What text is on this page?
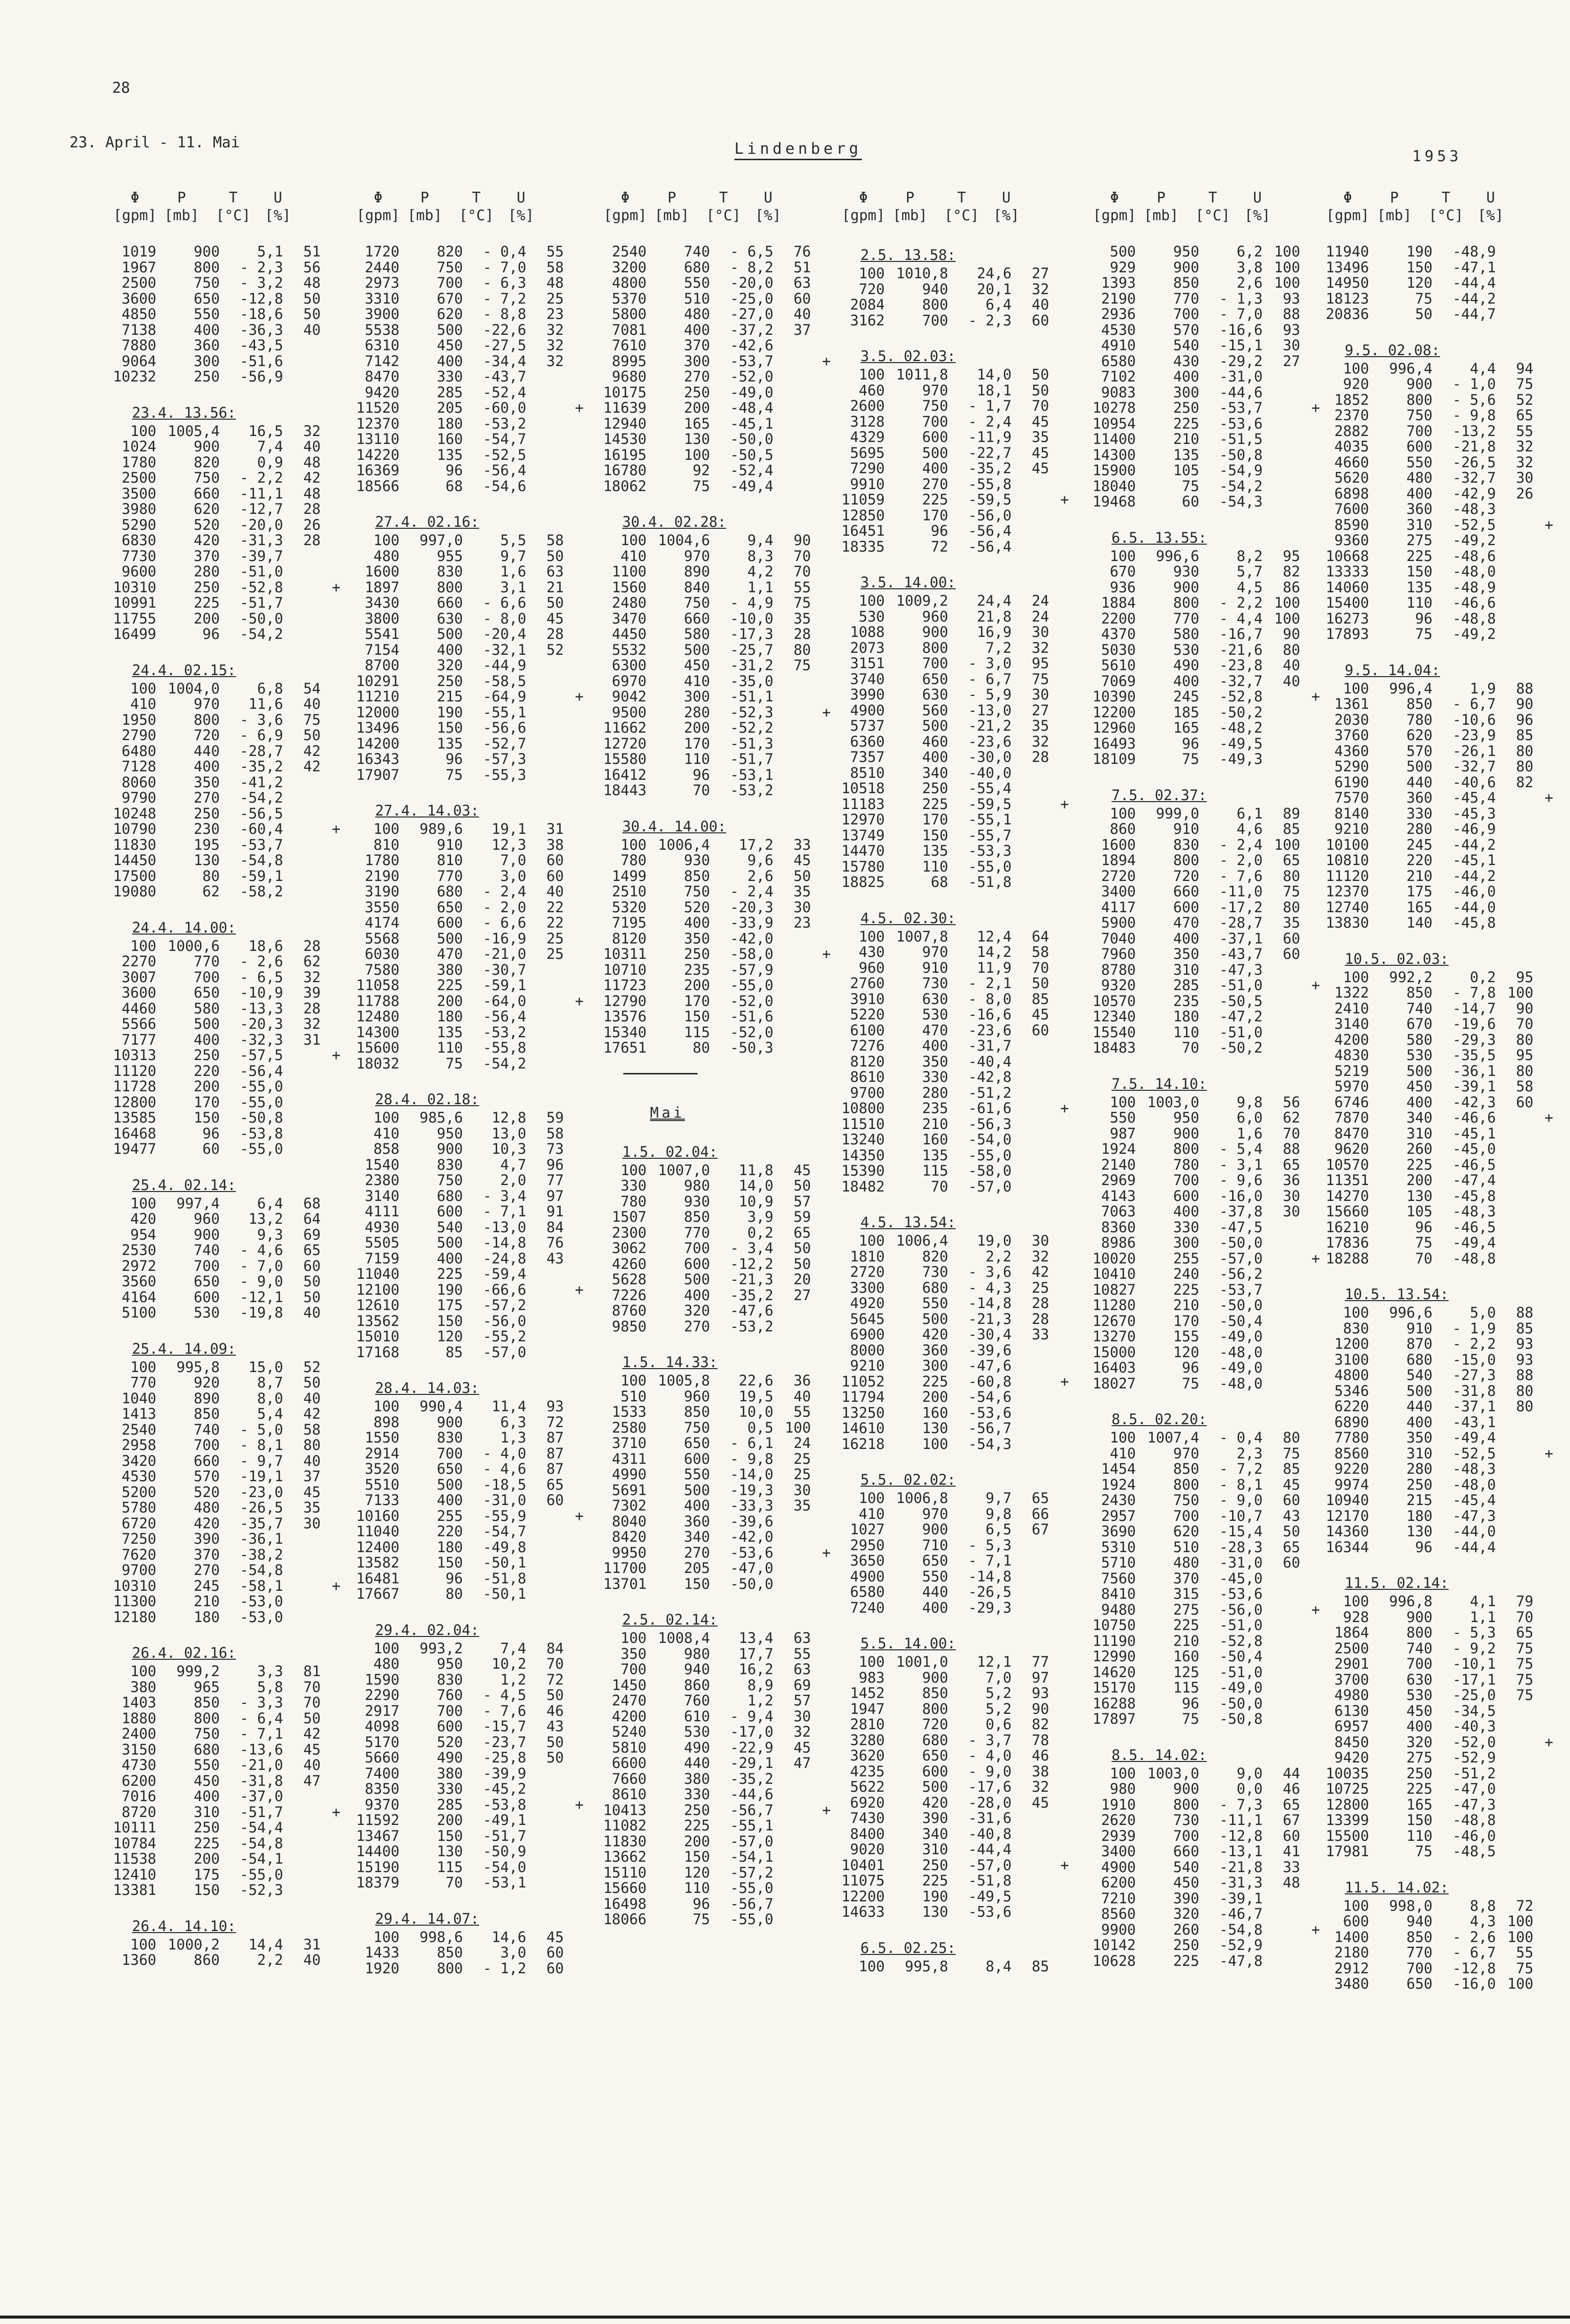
28
23. April - 11. Mai	Lindenberg	1953
Φ	P	T	U
[gpm] [mb] [°C] [%]
1019	900	5,1 51
1967	800 - 2,3 56
2500	750 - 3,2 48
3600	650 -12,8 50
4850	550 -18,6 50
7138	400 -36,3 40
7880	360 -43,5
9064	300 -51,6
10232	250 -56,9
23.4. 13.56:
100 1005,4 16,5 32
1024	900	7,4 40
1780	820	0,9 48
2500	750 - 2,2 42
3500	660 -11,1 48
3980	620 -12,7 28
5290	520 -20,0 26
6830	420 -31,3 28
7730	370 -39,7
9600	280 -51,0
10310	250 -52,8	+
10991	225 -51,7
11755	200 -50,0
16499	96 -54,2
24.4. 02.15:
100 1004,0	6,8 54
410	970 11,6 40
1950	800 - 3,6 75
2790	720 - 6,9 50
6480	440 -28,7 42
7128	400 -35,2 42
8060	350 -41,2
9790	270 -54,2
10248	250 -56,5
10790	230 -60,4	+
11830	195 -53,7
14450	130 -54,8
17500	80 -59,1
19080	62 -58,2
24.4. 14.00:
100 1000,6 18,6 28
2270	770 - 2,6 62
3007	700 - 6,5 32
3600	650 -10,9 39
4460	580 -13,3 28
5566	500 -20,3 32
7177	400 -32,3 31
10313	250 -57,5	+
11120	220 -56,4
11728	200 -55,0
12800	170 -55,0
13585	150 -50,8
16468	96 -53,8
19477	60 -55,0
25.4. 02.14:
100 997,4	6,4 68
420	960 13,2 64
954	900	9,3 69
2530	740 - 4,6 65
2972	700 - 7,0 60
3560	650 - 9,0 50
4164	600 -12,1 50
5100	530 -19,8 40
25.4. 14.09:
100 995,8 15,0 52
770	920	8,7 50
1040	890	8,0 40
1413	850	5,4 42
2540	740 - 5,0 58
2958	700 - 8,1 80
3420	660 - 9,7 40
4530	570 -19,1 37
5200	520 -23,0 45
5780	480 -26,5 35
6720	420 -35,7 30
7250	390 -36,1
7620	370 -38,2
9700	270 -54,8
10310	245 -58,1	+
11300	210 -53,0
12180	180 -53,0
26.4. 02.16:
100 999,2	3,3 81
380	965	5,8 70
1403	850 - 3,3 70
1880	800 - 6,4 50
2400	750 - 7,1 42
3150	680 -13,6 45
4730	550 -21,0 40
6200	450 -31,8 47
7016	400 -37,0
8720	310 -51,7	+
10111	250 -54,4
10784	225 -54,8
11538	200 -54,1
12410	175 -55,0
13381	150 -52,3
26.4. 14.10:
100 1000,2 14,4 31
1360	860	2,2 40
Φ	P	T	U
[gpm] [mb] [°C] [%]
1720	820 - 0,4 55
2440	750 - 7,0 58
2973	700 - 6,3 48
3310	670 - 7,2 25
3900	620 - 8,8 23
5538	500 -22,6 32
6310	450 -27,5 32
7142	400 -34,4 32
8470	330 -43,7
9420	285 -52,4
11520	205 -60,0	+
12370	180 -53,2
13110	160 -54,7
14220	135 -52,5
16369	96 -56,4
18566	68 -54,6
27.4. 02.16:
100 997,0	5,5 58
480	955	9,7 50
1600	830	1,6 63
1897	800	3,1 21
3430	660 - 6,6 50
3800	630 - 8,0 45
5541	500 -20,4 28
7154	400 -32,1 52
8700	320 -44,9
10291	250 -58,5
11210	215 -64,9	+
12000	190 -55,1
13496	150 -56,6
14200	135 -52,7
16343	96 -57,3
17907	75 -55,3
27.4. 14.03:
100 989,6 19,1 31
810	910 12,3 38
1780	810	7,0 60
2190	770	3,0 60
3190	680 - 2,4 40
3550	650 - 2,0 22
4174	600 - 6,6 22
5568	500 -16,9 25
6030	470 -21,0 25
7580	380 -30,7
11058	225 -59,1
11788	200 -64,0	+
12480	180 -56,4
14300	135 -53,2
15600	110 -55,8
18032	75 -54,2
28.4. 02.18:
100 985,6 12,8 59
410	950 13,0 58
858	900 10,3 73
1540	830	4,7 96
2380	750	2,0 77
3140	680 - 3,4 97
4111	600 - 7,1 91
4930	540 -13,0 84
5505	500 -14,8 76
7159	400 -24,8 43
11040	225 -59,4
12100	190 -66,6	+
12610	175 -57,2
13562	150 -56,0
15010	120 -55,2
17168	85 -57,0
28.4. 14.03:
100 990,4 11,4 93
898	900	6,3 72
1550	830	1,3 87
2914	700 - 4,0 87
3520	650 - 4,6 87
5510	500 -18,5 65
7133	400 -31,0 60
10160	255 -55,9	+
11040	220 -54,7
12400	180 -49,8
13582	150 -50,1
16481	96 -51,8
17667	80 -50,1
29.4. 02.04:
100 993,2	7,4 84
480	950 10,2 70
1590	830	1,2 72
2290	760 - 4,5 50
2917	700 - 7,6 46
4098	600 -15,7 43
5170	520 -23,7 50
5660	490 -25,8 50
7400	380 -39,9
8350	330 -45,2
9370	285 -53,8	+
11592	200 -49,1
13467	150 -51,7
14400	130 -50,9
15190	115 -54,0
18379	70 -53,1
29.4. 14.07:
100 998,6 14,6 45
1433	850	3,0 60
1920	800 - 1,2 60
Φ	P	T	U
[gpm] [mb] [°C] [%]
2540	740 - 6,5 76
3200	680 - 8,2 51
4800	550 -20,0 63
5370	510 -25,0 60
5800	480 -27,0 40
7081	400 -37,2 37
7610	370 -42,6
8995	300 -53,7	+
9680	270 -52,0
10175	250 -49,0
11639	200 -48,4
12940	165 -45,1
14530	130 -50,0
16195	100 -50,5
16780	92 -52,4
18062	75 -49,4
30.4. 02.28:
100 1004,6	9,4 90
410	970	8,3 70
1100	890	4,2 70
1560	840	1,1 55
2480	750 - 4,9 75
3470	660 -10,0 35
4450	580 -17,3 28
5532	500 -25,7 80
6300	450 -31,2 75
6970	410 -35,0
9042	300 -51,1
9500	280 -52,3	+
11662	200 -52,2
12720	170 -51,3
15580	110 -51,7
16412	96 -53,1
18443	70 -53,2
30.4. 14.00:
100 1006,4 17,2 33
780	930	9,6 45
1499	850	2,6 50
2510	750 - 2,4 35
5320	520 -20,3 30
7195	400 -33,9 23
8120	350 -42,0
10311	250 -58,0	+
10710	235 -57,9
11723	200 -55,0
12790	170 -52,0
13576	150 -51,6
15340	115 -52,0
17651	80 -50,3
Mai
1.5. 02.04:
100 1007,0 11,8 45
330	980 14,0 50
780	930 10,9 57
1507	850	3,9 59
2300	770	0,2 65
3062	700 - 3,4 50
4260	600 -12,2 50
5628	500 -21,3 20
7226	400 -35,2 27
8760	320 -47,6
9850	270 -53,2
1.5. 14.33:
100 1005,8 22,6 36
510	960 19,5 40
1533	850 10,0 55
2580	750	0,5 100
3710	650 - 6,1 24
4311	600 - 9,8 25
4990	550 -14,0 25
5691	500 -19,3 30
7302	400 -33,3 35
8040	360 -39,6
8420	340 -42,0
9950	270 -53,6	+
11700	205 -47,0
13701	150 -50,0
2.5. 02.14:
100 1008,4 13,4 63
350	980 17,7 55
700	940 16,2 63
1450	860	8,9 69
2470	760	1,2 57
4200	610 - 9,4 30
5240	530 -17,0 32
5810	490 -22,9 45
6600	440 -29,1 47
7660	380 -35,2
8610	330 -44,6
10413	250 -56,7	+
11082	225 -55,1
11830	200 -57,0
13662	150 -54,1
15110	120 -57,2
15660	110 -55,0
16498	96 -56,7
18066	75 -55,0
Φ	P	T	U
[gpm] [mb] [°C] [%]
2.5. 13.58:
100 1010,8 24,6 27
720	940 20,1 32
2084	800	6,4 40
3162	700 - 2,3 60
3.5. 02.03:
100 1011,8 14,0 50
460	970 18,1 50
2600	750 - 1,7 70
3128	700 - 2,4 45
4329	600 -11,9 35
5695	500 -22,7 45
7290	400 -35,2 45
9910	270 -55,8
11059	225 -59,5	+
12850	170 -56,0
16451	96 -56,4
18335	72 -56,4
3.5. 14.00:
100 1009,2 24,4 24
530	960 21,8 24
1088	900 16,9 30
2073	800	7,2 32
3151	700 - 3,0 95
3740	650 - 6,7 75
3990	630 - 5,9 30
4900	560 -13,0 27
5737	500 -21,2 35
6360	460 -23,6 32
7357	400 -30,0 28
8510	340 -40,0
10518	250 -55,4
11183	225 -59,5	+
12970	170 -55,1
13749	150 -55,7
14470	135 -53,3
15780	110 -55,0
18825	68 -51,8
4.5. 02.30:
100 1007,8 12,4 64
430	970 14,2 58
960	910 11,9 70
2760	730 - 2,1 50
3910	630 - 8,0 85
5220	530 -16,6 45
6100	470 -23,6 60
7276	400 -31,7
8120	350 -40,4
8610	330 -42,8
9700	280 -51,2
10800	235 -61,6	+
11510	210 -56,3
13240	160 -54,0
14350	135 -55,0
15390	115 -58,0
18482	70 -57,0
4.5. 13.54:
100 1006,4 19,0 30
1810	820	2,2 32
2720	730 - 3,6 42
3300	680 - 4,3 25
4920	550 -14,8 28
5645	500 -21,3 28
6900	420 -30,4 33
8000	360 -39,6
9210	300 -47,6
11052	225 -60,8	+
11794	200 -54,6
13250	160 -53,6
14610	130 -56,7
16218	100 -54,3
5.5. 02.02:
100 1006,8	9,7 65
410	970	9,8 66
1027	900	6,5 67
2950	710 - 5,3
3650	650 - 7,1
4900	550 -14,8
6580	440 -26,5
7240	400 -29,3
5.5. 14.00:
100 1001,0 12,1 77
983	900	7,0 97
1452	850	5,2 93
1947	800	5,2 90
2810	720	0,6 82
3280	680 - 3,7 78
3620	650 - 4,0 46
4235	600 - 9,0 38
5622	500 -17,6 32
6920	420 -28,0 45
7430	390 -31,6
8400	340 -40,8
9020	310 -44,4
10401	250 -57,0	+
11075	225 -51,8
12200	190 -49,5
14633	130 -53,6
6.5. 02.25:
100 995,8	8,4 85
Φ	P	T	U
[gpm] [mb] [°C] [%]
500	950	6,2 100
929	900	3,8 100
1393	850	2,6 100
2190	770 - 1,3 93
2936	700 - 7,0 88
4530	570 -16,6 93
4910	540 -15,1 30
6580	430 -29,2 27
7102	400 -31,0
9083	300 -44,6
10278	250 -53,7	+
10954	225 -53,6
11400	210 -51,5
14300	135 -50,8
15900	105 -54,9
18040	75 -54,2
19468	60 -54,3
6.5. 13.55:
100 996,6	8,2 95
670	930	5,7 82
936	900	4,5 86
1884	800 - 2,2 100
2200	770 - 4,4 100
4370	580 -16,7 90
5030	530 -21,6 80
5610	490 -23,8 40
7069	400 -32,7 40
10390	245 -52,8	+
12200	185 -50,2
12960	165 -48,2
16493	96 -49,5
18109	75 -49,3
7.5. 02.37:
100 999,0	6,1 89
860	910	4,6 85
1600	830 - 2,4 100
1894	800 - 2,0 65
2720	720 - 7,6 80
3400	660 -11,0 75
4117	600 -17,2 80
5900	470 -28,7 35
7040	400 -37,1 60
7960	350 -43,7 60
8780	310 -47,3
9320	285 -51,0	+
10570	235 -50,5
12340	180 -47,2
15540	110 -51,0
18483	70 -50,2
7.5. 14.10:
100 1003,0	9,8 56
550	950	6,0 62
987	900	1,6 70
1924	800 - 5,4 88
2140	780 - 3,1 65
2969	700 - 9,6 36
4143	600 -16,0 30
7063	400 -37,8 30
8360	330 -47,5
8986	300 -50,0
10020	255 -57,0	+
10410	240 -56,2
10827	225 -53,7
11280	210 -50,0
12670	170 -50,4
13270	155 -49,0
15000	120 -48,0
16403	96 -49,0
18027	75 -48,0
8.5. 02.20:
100 1007,4 - 0,4 80
410	970	2,3 75
1454	850 - 7,2 85
1924	800 - 8,1 45
2430	750 - 9,0 60
2957	700 -10,7 43
3690	620 -15,4 50
5310	510 -28,3 65
5710	480 -31,0 60
7560	370 -45,0
8410	315 -53,6
9480	275 -56,0	+
10750	225 -51,0
11190	210 -52,8
12990	160 -50,4
14620	125 -51,0
15170	115 -49,0
16288	96 -50,0
17897	75 -50,8
8.5. 14.02:
100 1003,0	9,0 44
980	900	0,0 46
1910	800 - 7,3 65
2620	730 -11,1 67
2939	700 -12,8 60
3400	660 -13,1 41
4900	540 -21,8 33
6200	450 -31,3 48
7210	390 -39,1
8560	320 -46,7
9900	260 -54,8	+
10142	250 -52,9
10628	225 -47,8
Φ	P	T	U
[gpm] [mb] [°C] [%]
11940	190 -48,9
13496	150 -47,1
14950	120 -44,4
18123	75 -44,2
20836	50 -44,7
9.5. 02.08:
100 996,4	4,4 94
920	900 - 1,0 75
1852	800 - 5,6 52
2370	750 - 9,8 65
2882	700 -13,2 55
4035	600 -21,8 32
4660	550 -26,5 32
5620	480 -32,7 30
6898	400 -42,9 26
7600	360 -48,3
8590	310 -52,5	+
9360	275 -49,2
10668	225 -48,6
13333	150 -48,0
14060	135 -48,9
15400	110 -46,6
16273	96 -48,8
17893	75 -49,2
9.5. 14.04:
100 996,4	1,9 88
1361	850 - 6,7 90
2030	780 -10,6 96
3760	620 -23,9 85
4360	570 -26,1 80
5290	500 -32,7 80
6190	440 -40,6 82
7570	360 -45,4	+
8140	330 -45,3
9210	280 -46,9
10100	245 -44,2
10810	220 -45,1
11120	210 -44,2
12370	175 -46,0
12740	165 -44,0
13830	140 -45,8
10.5. 02.03:
100 992,2	0,2 95
1322	850 - 7,8 100
2410	740 -14,7 90
3140	670 -19,6 70
4200	580 -29,3 80
4830	530 -35,5 95
5219	500 -36,1 80
5970	450 -39,1 58
6746	400 -42,3 60
7870	340 -46,6	+
8470	310 -45,1
9620	260 -45,0
10570	225 -46,5
11351	200 -47,4
14270	130 -45,8
15660	105 -48,3
16210	96 -46,5
17836	75 -49,4
18288	70 -48,8
10.5. 13.54:
100 996,6	5,0 88
830	910 - 1,9 85
1200	870 - 2,2 93
3100	680 -15,0 93
4800	540 -27,3 88
5346	500 -31,8 80
6220	440 -37,1 80
6890	400 -43,1
7780	350 -49,4
8560	310 -52,5	+
9220	280 -48,3
9974	250 -48,0
10940	215 -45,4
12170	180 -47,3
14360	130 -44,0
16344	96 -44,4
11.5. 02.14:
100 996,8	4,1 79
928	900	1,1 70
1864	800 - 5,3 65
2500	740 - 9,2 75
2901	700 -10,1 75
3700	630 -17,1 75
4980	530 -25,0 75
6130	450 -34,5
6957	400 -40,3
8450	320 -52,0	+
9420	275 -52,9
10035	250 -51,2
10725	225 -47,0
12800	165 -47,3
13399	150 -48,8
15500	110 -46,0
17981	75 -48,5
11.5. 14.02:
100 998,0	8,8 72
600	940	4,3 100
1400	850 - 2,6 100
2180	770 - 6,7 55
2912	700 -12,8 75
3480	650 -16,0 100
